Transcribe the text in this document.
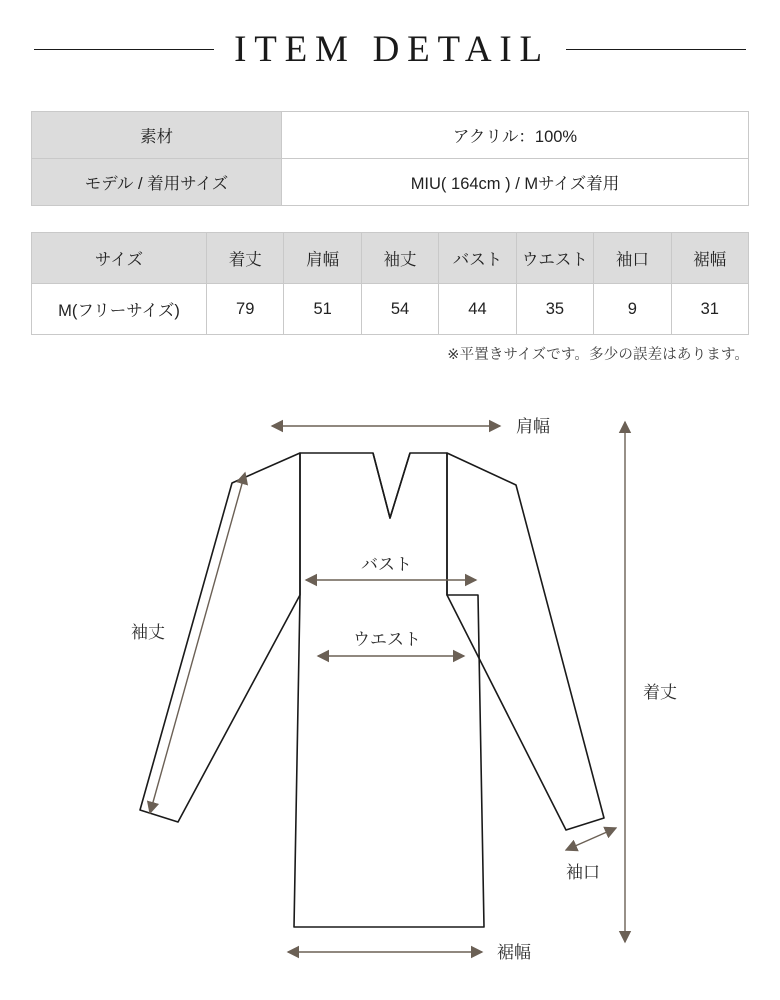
ITEM DETAIL
素材	アクリル：100%
モデル / 着用サイズ	MIU( 164cm ) / Mサイズ着用
サイズ	着丈	肩幅	袖丈	バスト	ウエスト	袖口	裾幅
M(フリーサイズ)	79	51	54	44	35	9	31
※平置きサイズです。多少の誤差はあります。
肩幅
バスト
ウエスト
袖丈
着丈
袖口
裾幅
